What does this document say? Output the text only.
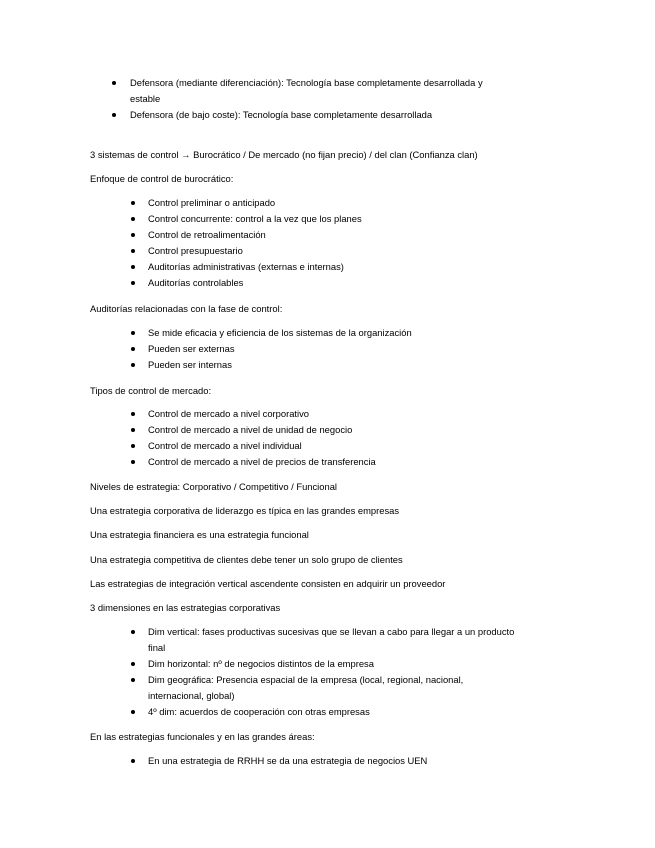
Defensora (mediante diferenciación): Tecnología base completamente desarrollada y
estable
Defensora (de bajo coste): Tecnología base completamente desarrollada
3 sistemas de control → Burocrático / De mercado (no fijan precio) / del clan (Confianza clan)
Enfoque de control de burocrático:
Control preliminar o anticipado
Control concurrente: control a la vez que los planes
Control de retroalimentación
Control presupuestario
Auditorías administrativas (externas e internas)
Auditorías controlables
Auditorías relacionadas con la fase de control:
Se mide eficacia y eficiencia de los sistemas de la organización
Pueden ser externas
Pueden ser internas
Tipos de control de mercado:
Control de mercado a nivel corporativo
Control de mercado a nivel de unidad de negocio
Control de mercado a nivel individual
Control de mercado a nivel de precios de transferencia
Niveles de estrategia: Corporativo / Competitivo / Funcional
Una estrategia corporativa de liderazgo es típica en las grandes empresas
Una estrategia financiera es una estrategia funcional
Una estrategia competitiva de clientes debe tener un solo grupo de clientes
Las estrategias de integración vertical ascendente consisten en adquirir un proveedor
3 dimensiones en las estrategias corporativas
Dim vertical: fases productivas sucesivas que se llevan a cabo para llegar a un producto
final
Dim horizontal: nº de negocios distintos de la empresa
Dim geográfica: Presencia espacial de la empresa (local, regional, nacional,
internacional, global)
4º dim: acuerdos de cooperación con otras empresas
En las estrategias funcionales y en las grandes áreas:
En una estrategia de RRHH se da una estrategia de negocios UEN
